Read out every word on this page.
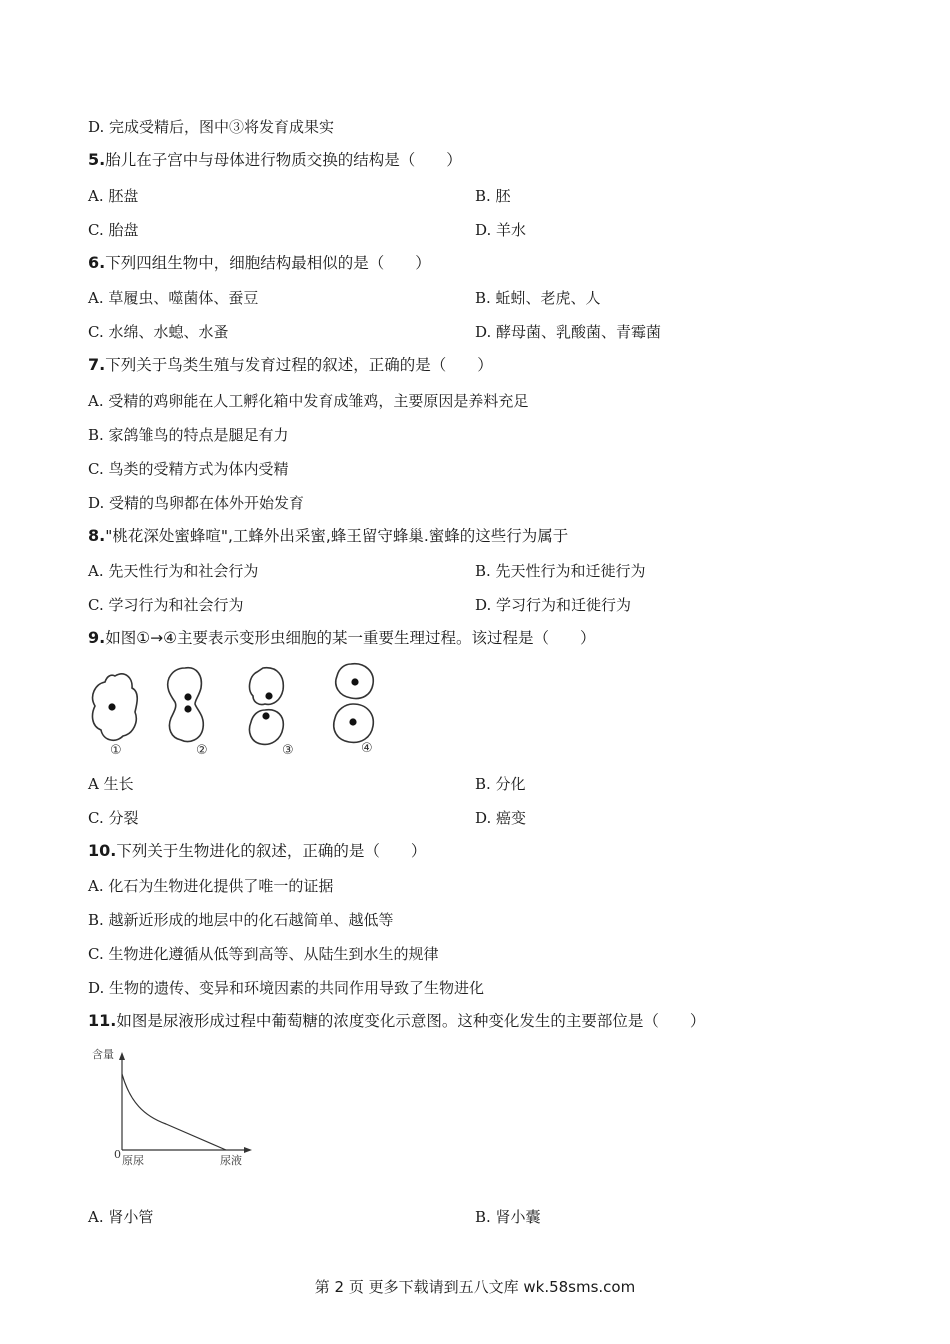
D. 完成受精后，图中③将发育成果实
5.胎儿在子宫中与母体进行物质交换的结构是（　　）
A. 胚盘	B. 胚
C. 胎盘	D. 羊水
6.下列四组生物中，细胞结构最相似的是（　　）
A. 草履虫、噬菌体、蚕豆	B. 蚯蚓、老虎、人
C. 水绵、水螅、水蚤	D. 酵母菌、乳酸菌、青霉菌
7.下列关于鸟类生殖与发育过程的叙述，正确的是（　　）
A. 受精的鸡卵能在人工孵化箱中发育成雏鸡，主要原因是养料充足
B. 家鸽雏鸟的特点是腿足有力
C. 鸟类的受精方式为体内受精
D. 受精的鸟卵都在体外开始发育
8."桃花深处蜜蜂喧",工蜂外出采蜜,蜂王留守蜂巢.蜜蜂的这些行为属于
A. 先天性行为和社会行为	B. 先天性行为和迁徙行为
C. 学习行为和社会行为	D. 学习行为和迁徙行为
9.如图①→④主要表示变形虫细胞的某一重要生理过程。该过程是（　　）
①	②	③	④
A 生长	B. 分化
C. 分裂	D. 癌变
10.下列关于生物进化的叙述，正确的是（　　）
A. 化石为生物进化提供了唯一的证据
B. 越新近形成的地层中的化石越简单、越低等
C. 生物进化遵循从低等到高等、从陆生到水生的规律
D. 生物的遗传、变异和环境因素的共同作用导致了生物进化
11.如图是尿液形成过程中葡萄糖的浓度变化示意图。这种变化发生的主要部位是（　　）
含量
0 原尿	尿液
A. 肾小管	B. 肾小囊
第 2 页 更多下载请到五八文库 wk.58sms.com
